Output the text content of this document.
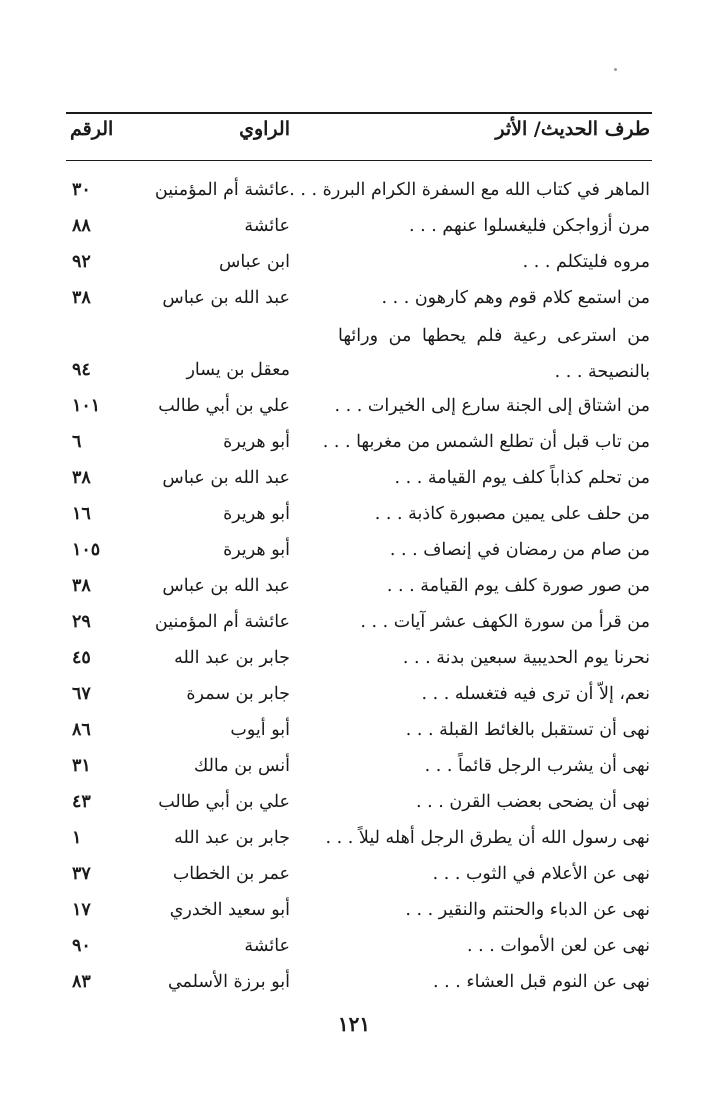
طرف الحديث/ الأثر
الراوي
الرقم
الماهر في كتاب الله مع السفرة الكرام البررة . . .
عائشة أم المؤمنين
٣٠
مرن أزواجكن فليغسلوا عنهم . . .
عائشة
٨٨
مروه فليتكلم . . .
ابن عباس
٩٢
من استمع كلام قوم وهم كارهون . . .
عبد الله بن عباس
٣٨
من استرعى رعية فلم يحطها من ورائها بالنصيحة . . .
معقل بن يسار
٩٤
من اشتاق إلى الجنة سارع إلى الخيرات . . .
علي بن أبي طالب
١٠١
من تاب قبل أن تطلع الشمس من مغربها . . .
أبو هريرة
٦
من تحلم كذاباً كلف يوم القيامة . . .
عبد الله بن عباس
٣٨
من حلف على يمين مصبورة كاذبة . . .
أبو هريرة
١٦
من صام من رمضان في إنصاف . . .
أبو هريرة
١٠٥
من صور صورة كلف يوم القيامة . . .
عبد الله بن عباس
٣٨
من قرأ من سورة الكهف عشر آيات . . .
عائشة أم المؤمنين
٢٩
نحرنا يوم الحديبية سبعين بدنة . . .
جابر بن عبد الله
٤٥
نعم، إلاّ أن ترى فيه فتغسله . . .
جابر بن سمرة
٦٧
نهى أن تستقبل بالغائط القبلة . . .
أبو أيوب
٨٦
نهى أن يشرب الرجل قائماً . . .
أنس بن مالك
٣١
نهى أن يضحى بعضب القرن . . .
علي بن أبي طالب
٤٣
نهى رسول الله أن يطرق الرجل أهله ليلاً . . .
جابر بن عبد الله
١
نهى عن الأعلام في الثوب . . .
عمر بن الخطاب
٣٧
نهى عن الدباء والحنتم والنقير . . .
أبو سعيد الخدري
١٧
نهى عن لعن الأموات . . .
عائشة
٩٠
نهى عن النوم قبل العشاء . . .
أبو برزة الأسلمي
٨٣
١٢١
